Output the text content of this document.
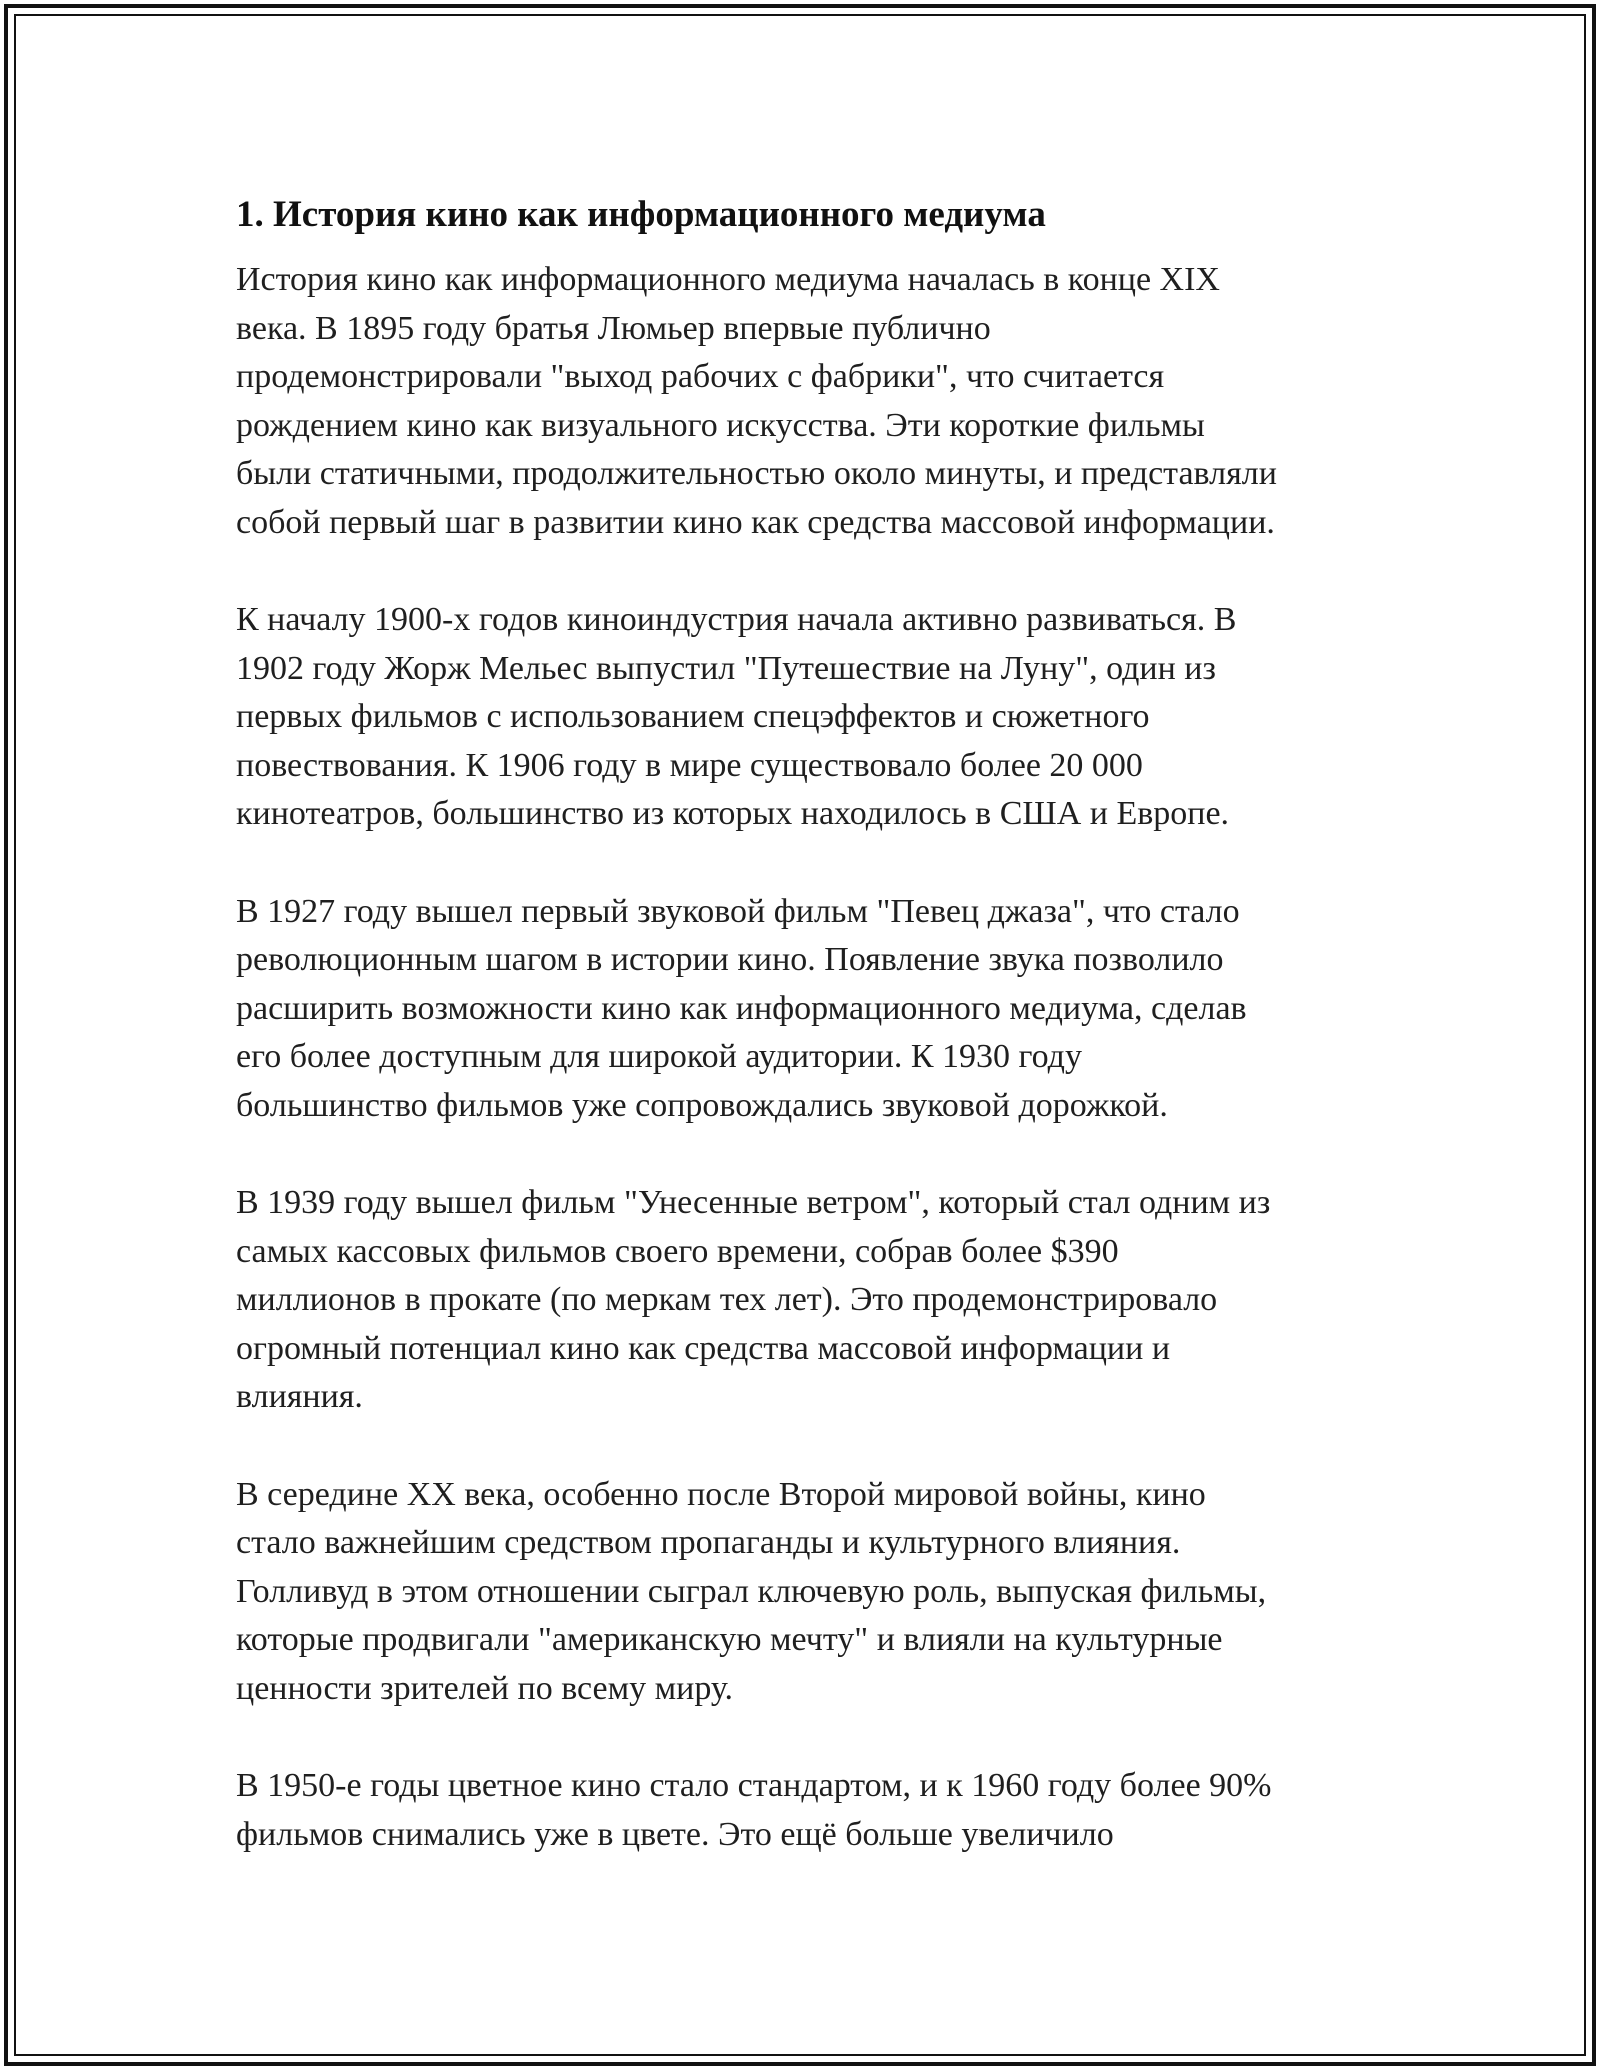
1. История кино как информационного медиума

История кино как информационного медиума началась в конце XIX
века. В 1895 году братья Люмьер впервые публично
продемонстрировали "выход рабочих с фабрики", что считается
рождением кино как визуального искусства. Эти короткие фильмы
были статичными, продолжительностью около минуты, и представляли
собой первый шаг в развитии кино как средства массовой информации.

К началу 1900-х годов киноиндустрия начала активно развиваться. В
1902 году Жорж Мельес выпустил "Путешествие на Луну", один из
первых фильмов с использованием спецэффектов и сюжетного
повествования. К 1906 году в мире существовало более 20 000
кинотеатров, большинство из которых находилось в США и Европе.

В 1927 году вышел первый звуковой фильм "Певец джаза", что стало
революционным шагом в истории кино. Появление звука позволило
расширить возможности кино как информационного медиума, сделав
его более доступным для широкой аудитории. К 1930 году
большинство фильмов уже сопровождались звуковой дорожкой.

В 1939 году вышел фильм "Унесенные ветром", который стал одним из
самых кассовых фильмов своего времени, собрав более $390
миллионов в прокате (по меркам тех лет). Это продемонстрировало
огромный потенциал кино как средства массовой информации и
влияния.

В середине XX века, особенно после Второй мировой войны, кино
стало важнейшим средством пропаганды и культурного влияния.
Голливуд в этом отношении сыграл ключевую роль, выпуская фильмы,
которые продвигали "американскую мечту" и влияли на культурные
ценности зрителей по всему миру.

В 1950-е годы цветное кино стало стандартом, и к 1960 году более 90%
фильмов снимались уже в цвете. Это ещё больше увеличило
